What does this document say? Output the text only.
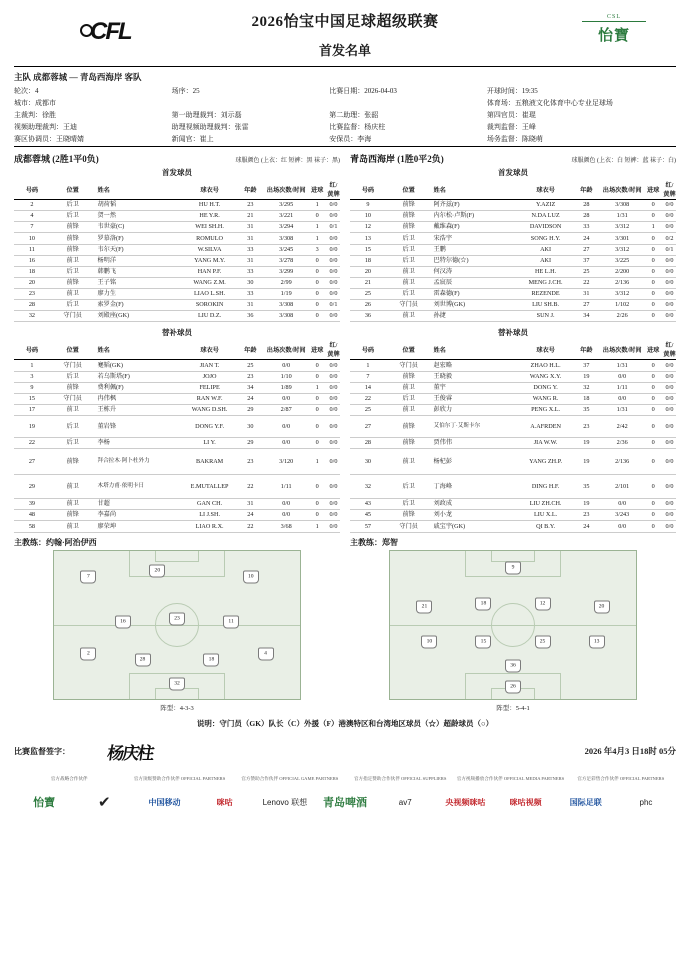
CFL	2026怡宝中国足球超级联赛
首发名单
CSL
怡寶
主队 成都蓉城 — 青岛西海岸 客队
轮次：4	场序：25	比赛日期：2026-04-03	开球时间：19:35
城市：成都市	体育场：五粮液文化体育中心专业足球场
主裁判：徐胜	第一助理裁判：刘示磊	第二助理：张韶	第四官员：崔琨
视频助理裁判：王迪	助理视频助理裁判：张雷	比赛监督：杨庆柱	裁判监督：王峰
赛区协调员：王晓晴婧	新闻官：崔上	安保员：李海	场务监督：陈晓萌
成都蓉城 (2胜1平0负)	球服颜色 (上衣：红 短裤：黑 袜子：黑)
首发球员
号码	位置	姓名	球衣号	年龄	出场次数/时间	进球	红/黄牌
2	后卫	胡荷韬	HU H.T.	23	3/295	1	0/0
4	后卫	贺一然	HE Y.R.	21	3/221	0	0/0
7	前锋	韦世豪(C)	WEI SH.H.	31	3/294	1	0/1
10	前锋	罗慕洛(F)	ROMULO	31	3/308	1	0/0
11	前锋	韦尔天(F)	W.SILVA	33	3/245	3	0/0
16	前卫	杨明洋	YANG M.Y.	31	3/278	0	0/0
18	后卫	韩鹏飞	HAN P.F.	33	3/299	0	0/0
20	前锋	王子铭	WANG Z.M.	30	2/99	0	0/0
23	前卫	廖力生	LIAO L.SH.	33	1/19	0	0/0
28	后卫	索罗金(F)	SOROKIN	31	3/308	0	0/1
32	守门员	刘殿座(GK)	LIU D.Z.	36	3/308	0	0/0
青岛西海岸 (1胜0平2负)	球服颜色 (上衣：白 短裤：蓝 袜子：白)
首发球员
号码	位置	姓名	球衣号	年龄	出场次数/时间	进球	红/黄牌
9	前锋	阿齐兹(F)	Y.AZIZ	28	3/308	0	0/0
10	前锋	内尔松·卢斯(F)	N.DA LUZ	28	1/31	0	0/0
12	前锋	戴维森(F)	DAVIDSON	33	3/312	1	0/0
13	后卫	宋浩宇	SONG H.Y.	24	3/301	0	0/2
15	后卫	王鹏	AKI	27	3/312	0	0/1
18	后卫	巴特尔德(☆)	AKI	37	3/225	0	0/0
20	前卫	何汉涛	HE L.H.	25	2/200	0	0/0
21	前卫	孟宸辰	MENG J.CH.	22	2/136	0	0/0
25	后卫	雷森德(F)	REZENDE	31	3/312	0	0/0
26	守门员	刘世博(GK)	LIU SH.B.	27	1/102	0	0/0
36	前卫	孙捷	SUN J.	34	2/26	0	0/0
替补球员
号码	位置	姓名	球衣号	年龄	出场次数/时间	进球	红/黄牌
1	守门员	蹇韬(GK)	JIAN T.	25	0/0	0	0/0
3	后卫	若乌斯塔(F)	JOJO	23	1/10	0	0/0
9	前锋	费利佩(F)	FELIPE	34	1/89	1	0/0
15	守门员	冉伟枫	RAN W.F.	24	0/0	0	0/0
17	前卫	王栋升	WANG D.SH.	29	2/87	0	0/0
19	后卫	董岩锋	DONG Y.F.	30	0/0	0	0/0
22	后卫	李杨	LI Y.	29	0/0	0	0/0
27	前锋	拜合拉木·阿卜杜外力	BAKRAM	23	3/120	1	0/0
29	前卫	木塔力甫·依明卡日	E.MUTALLEP	22	1/11	0	0/0
39	前卫	甘超	GAN CH.	31	0/0	0	0/0
48	前锋	李嘉尚	LI J.SH.	24	0/0	0	0/0
58	前卫	廖荣坤	LIAO R.X.	22	3/68	1	0/0
替补球员
号码	位置	姓名	球衣号	年龄	出场次数/时间	进球	红/黄牌
1	守门员	赵宏略	ZHAO H.L.	37	1/31	0	0/0
7	前锋	王晓毅	WANG X.Y.	19	0/0	0	0/0
14	前卫	董宇	DONG Y.	32	1/11	0	0/0
22	后卫	王俊睿	WANG R.	18	0/0	0	0/0
25	前卫	彭欣力	PENG X.L.	35	1/31	0	0/0
27	前锋	艾伯尔丁·艾斯卡尔	A.AFRDEN	23	2/42	0	0/0
28	前锋	贾伟伟	JIA W.W.	19	2/36	0	0/0
30	前卫	杨杞彭	YANG ZH.P.	19	2/136	0	0/0
32	后卫	丁海峰	DING H.F.	35	2/101	0	0/0
43	后卫	刘政成	LIU ZH.CH.	19	0/0	0	0/0
45	前锋	刘小龙	LIU X.L.	23	3/243	0	0/0
57	守门员	戚宝宇(GK)	QI B.Y.	24	0/0	0	0/0
主教练：约翰·阿治伊西	主教练：郑智
32
2
28	18
4
16	23	11
7
20
10
阵型：4-3-3
9
21	18	12	20
10	15	25	13
36
26
阵型：5-4-1
说明：守门员（GK）队长（C）外援（F）港澳特区和台湾地区球员（☆）超龄球员（○）
比赛监督签字：	杨庆柱	2026 年4月3 日18时 05分
官方战略合作伙伴	官方顶级赞助合作伙伴 OFFICIAL PARTNERS	官方赞助合作伙伴 OFFICIAL GAME PARTNERS	官方指定赞助合作伙伴 OFFICIAL SUPPLIERS	官方视频播放合作伙伴 OFFICIAL MEDIA PARTNERS	官方足彩售合作伙伴 OFFICIAL PARTNERS
怡寶	✔	中国移动	咪咕	Lenovo 联想	青岛啤酒	av7	央视频咪咕	咪咕视频	国际足联	phc
